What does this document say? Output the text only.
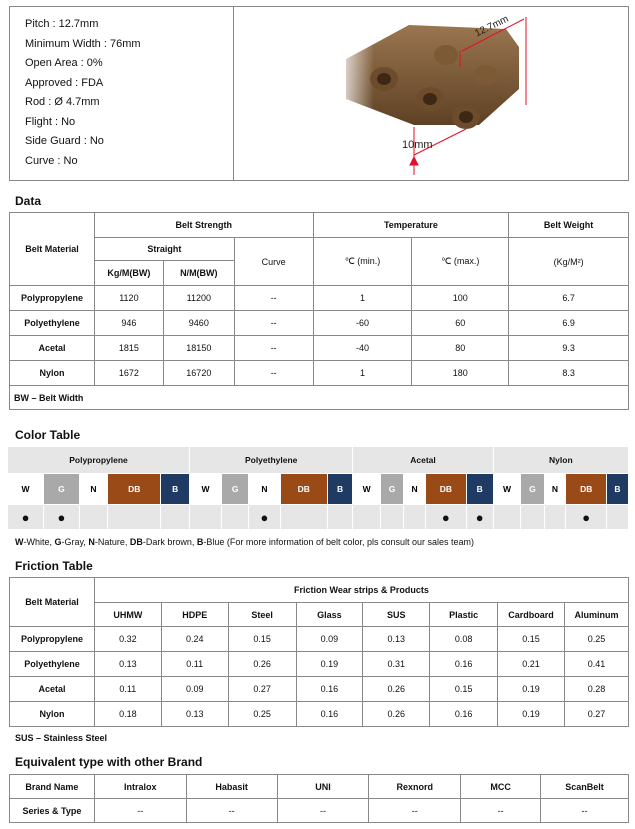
Pitch : 12.7mm
Minimum Width : 76mm
Open Area : 0%
Approved : FDA
Rod : Ø 4.7mm
Flight : No
Side Guard : No
Curve : No

12.7mm
10mm
Data
Belt Material	Belt Strength			Temperature		Belt Weight
	Straight		Curve	℃ (min.)	℃ (max.)	(Kg/M²)
	Kg/M(BW)	N/M(BW)				
Polypropylene	1120	11200	--	1	100	6.7
Polyethylene	946	9460	--	-60	60	6.9
Acetal	1815	18150	--	-40	80	9.3
Nylon	1672	16720	--	1	180	8.3
BW – Belt Width						
Color Table
Polypropylene					Polyethylene					Acetal					Nylon				
W	G	N	DB	B	W	G	N	DB	B	W	G	N	DB	B	W	G	N	DB	B
●	●						●						●	●				●	
W-White, G-Gray, N-Nature, DB-Dark brown, B-Blue (For more information of belt color, pls consult our sales team)
Friction Table
Belt Material	Friction Wear strips & Products							
	UHMW	HDPE	Steel	Glass	SUS	Plastic	Cardboard	Aluminum
Polypropylene	0.32	0.24	0.15	0.09	0.13	0.08	0.15	0.25
Polyethylene	0.13	0.11	0.26	0.19	0.31	0.16	0.21	0.41
Acetal	0.11	0.09	0.27	0.16	0.26	0.15	0.19	0.28
Nylon	0.18	0.13	0.25	0.16	0.26	0.16	0.19	0.27
SUS – Stainless Steel
Equivalent type with other Brand
Brand Name	Intralox	Habasit	UNI	Rexnord	MCC	ScanBelt
Series & Type	--	--	--	--	--	--
